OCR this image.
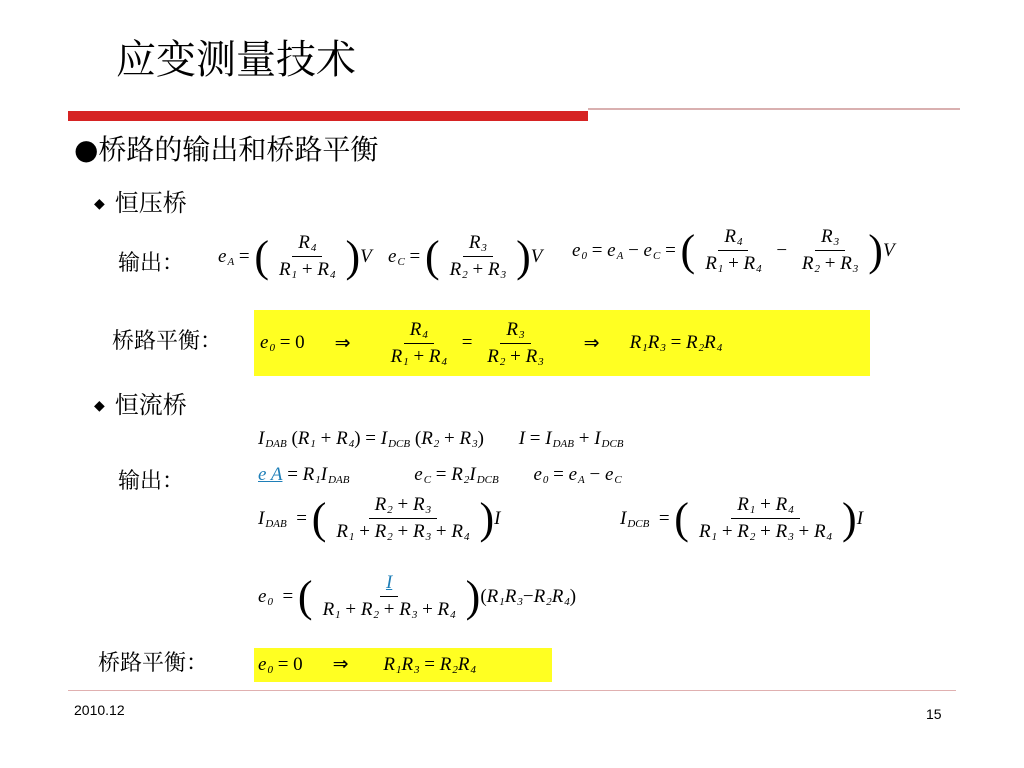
应变测量技术
●桥路的输出和桥路平衡
◆ 恒压桥
输出： $e_A$ = ( $\frac{R_4}{R_1 + R_4}$ ) V $e_C$ = ( $\frac{R_3}{R_2 + R_3}$ ) V $e_0 = e_A - e_C$ = ( $\frac{R_4}{R_1 + R_4} - \frac{R_3}{R_2 + R_3}$ ) V
桥路平衡： $e_0 = 0$ ⇒ $\frac{R_4}{R_1 + R_4} = \frac{R_3}{R_2 + R_3}$ ⇒ $R_1R_3 = R_2R_4$
◆ 恒流桥
$I_{DAB}$ $(R_1 + R_4) = I_{DCB}$ $(R_2 + R_3) I = I_{DAB} + I_{DCB}$
输出：	e $A = R_1I_{DAB}$	$e_C = R_2I_{DCB}$ $e_0 = e_A - e_C$
$I_{DAB}$ = ( $\frac{R_2 + R_3}{R_1 + R_2 + R_3 + R_4}$ ) I	$I_{DCB}$ = ( $\frac{R_1 + R_4}{R_1 + R_2 + R_3 + R_4}$ ) I
$e_0$ = ( $\frac{I}{R_1 + R_2 + R_3 + R_4}$ ) ( $R_1R_3 - R_2R_4$ )
桥路平衡：	$e_0 = 0$ ⇒ $R_1R_3 = R_2R_4$
2010.12	15
